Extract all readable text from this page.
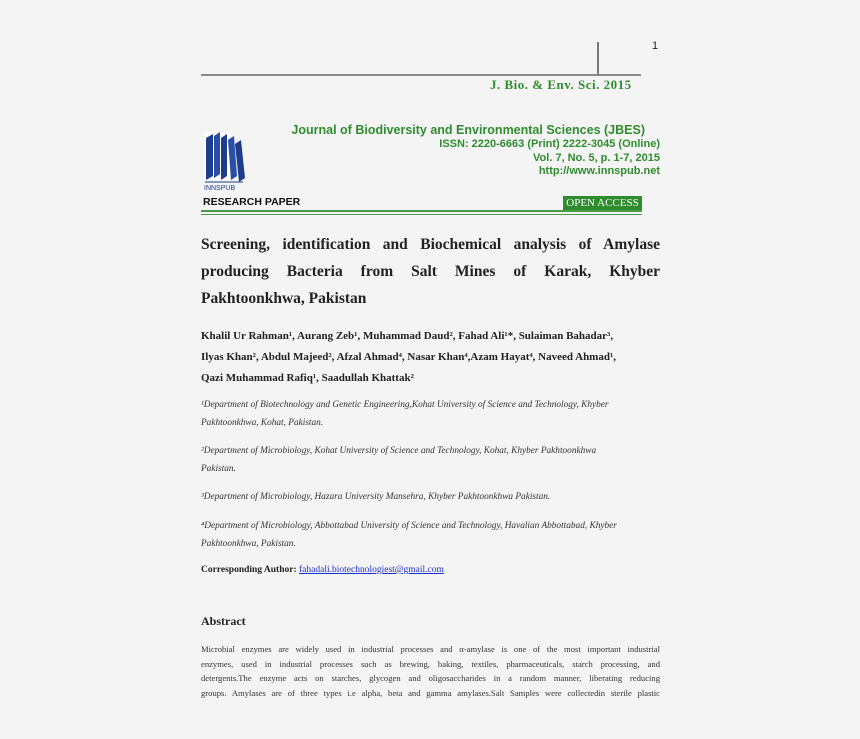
1
J. Bio. & Env. Sci. 2015
INNSPUB
Journal of Biodiversity and Environmental Sciences (JBES)
ISSN: 2220-6663 (Print) 2222-3045 (Online)
Vol. 7, No. 5, p. 1-7, 2015
http://www.innspub.net
RESEARCH PAPER	OPEN ACCESS
Screening, identification and Biochemical analysis of Amylase
producing Bacteria from Salt Mines of Karak, Khyber
Pakhtoonkhwa, Pakistan
Khalil Ur Rahman¹, Aurang Zeb¹, Muhammad Daud², Fahad Ali¹*, Sulaiman Bahadar³,
Ilyas Khan², Abdul Majeed², Afzal Ahmad⁴, Nasar Khan⁴,Azam Hayat⁴, Naveed Ahmad¹,
Qazi Muhammad Rafiq¹, Saadullah Khattak²
¹Department of Biotechnology and Genetic Engineering,Kohat University of Science and Technology, Khyber
Pakhtoonkhwa, Kohat, Pakistan.
²Department of Microbiology, Kohat University of Science and Technology, Kohat, Khyber Pakhtoonkhwa
Pakistan.
³Department of Microbiology, Hazara University Mansehra, Khyber Pakhtoonkhwa Pakistan.
⁴Department of Microbiology, Abbottabad University of Science and Technology, Havalian Abbottabad, Khyber
Pakhtoonkhwa, Pakistan.
Corresponding Author: fahadali.biotechnologiest@gmail.com
Abstract
Microbial enzymes are widely used in industrial processes and α-amylase is one of the most important industrial
enzymes, used in industrial processes such as brewing, baking, textiles, pharmaceuticals, starch processing, and
detergents.The enzyme acts on starches, glycogen and oligosaccharides in a random manner, liberating reducing
groups. Amylases are of three types i.e alpha, beta and gamma amylases.Salt Samples were collectedin sterile plastic
